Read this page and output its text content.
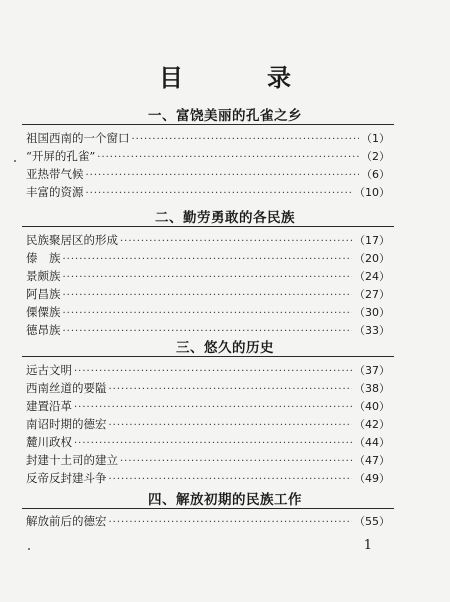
目　录
一、富饶美丽的孔雀之乡
祖国西南的一个窗口 ·····	（1）
“开屏的孔雀” ·····	（2）
亚热带气候 ·····	（6）
丰富的资源 ·····	（10）
二、勤劳勇敢的各民族
民族聚居区的形成 ·····	（17）
傣　族 ·····	（20）
景颇族 ·····	（24）
阿昌族 ·····	（27）
傈僳族 ·····	（30）
德昂族 ·····	（33）
三、悠久的历史
远古文明 ·····	（37）
西南丝道的要隘 ·····	（38）
建置沿革 ·····	（40）
南诏时期的德宏 ·····	（42）
麓川政权 ·····	（44）
封建十土司的建立 ·····	（47）
反帝反封建斗争 ·····	（49）
四、解放初期的民族工作
解放前后的德宏 ·····	（55）
1
